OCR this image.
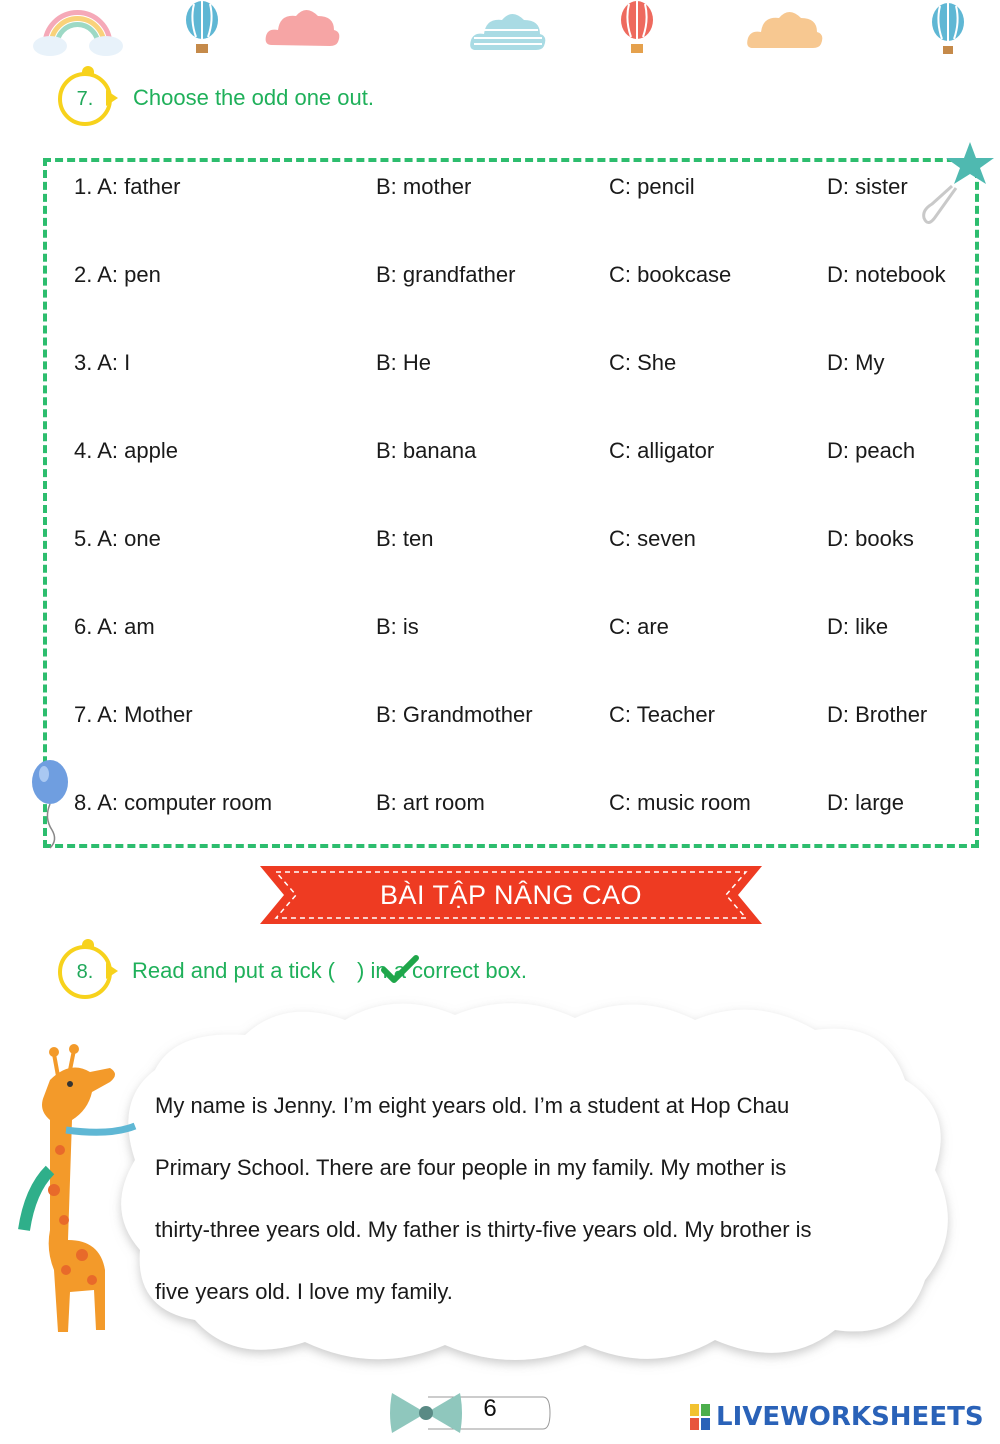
7. Choose the odd one out.
1. A: father	B: mother	C: pencil	D: sister
2. A: pen	B: grandfather	C: bookcase	D: notebook
3. A: I	B: He	C: She	D: My
4. A: apple	B: banana	C: alligator	D: peach
5. A: one	B: ten	C: seven	D: books
6. A: am	B: is	C: are	D: like
7. A: Mother	B: Grandmother	C: Teacher	D: Brother
8. A: computer room	B: art room	C: music room	D: large
BÀI TẬP NÂNG CAO
8. Read and put a tick ( ) in a correct box.

My name is Jenny. I’m eight years old. I’m a student at Hop Chau

Primary School. There are four people in my family. My mother is

thirty-three years old. My father is thirty-five years old. My brother is

five years old. I love my family.

6	LIVEWORKSHEETS
